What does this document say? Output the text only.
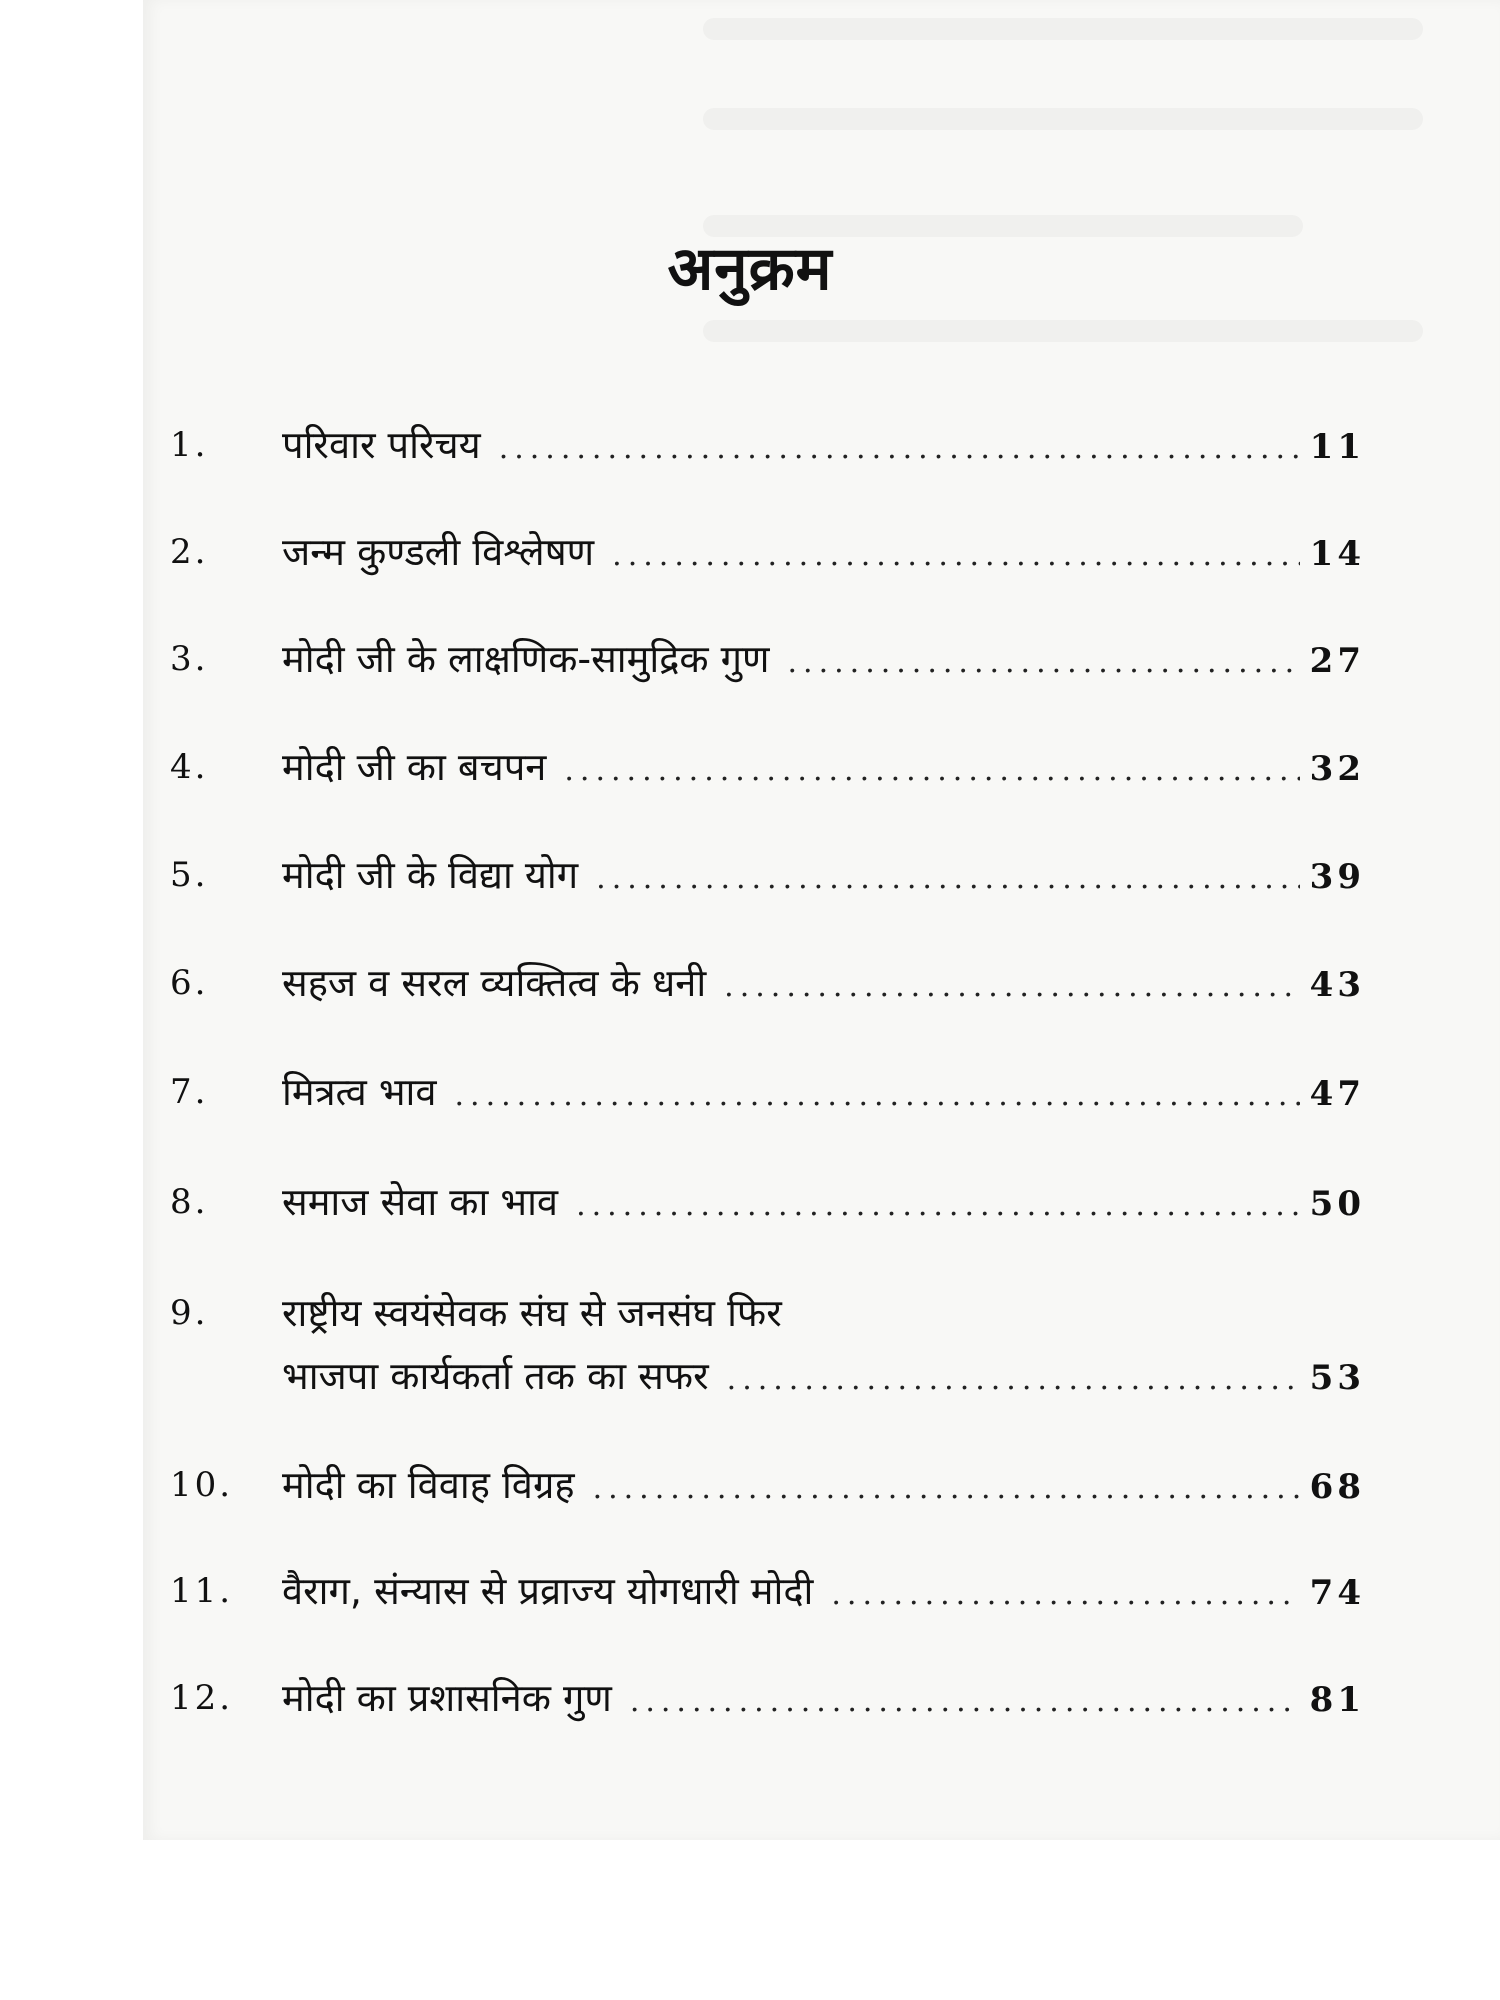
अनुक्रम
1. परिवार परिचय .....	11
2. जन्म कुण्डली विश्लेषण .....	14
3. मोदी जी के लाक्षणिक-सामुद्रिक गुण .....	27
4. मोदी जी का बचपन .....	32
5. मोदी जी के विद्या योग .....	39
6. सहज व सरल व्यक्तित्व के धनी .....	43
7. मित्रत्व भाव .....	47
8. समाज सेवा का भाव .....	50
9. राष्ट्रीय स्वयंसेवक संघ से जनसंघ फिर
भाजपा कार्यकर्ता तक का सफर .....	53
10. मोदी का विवाह विग्रह .....	68
11. वैराग, संन्यास से प्रव्राज्य योगधारी मोदी .....	74
12. मोदी का प्रशासनिक गुण .....	81
